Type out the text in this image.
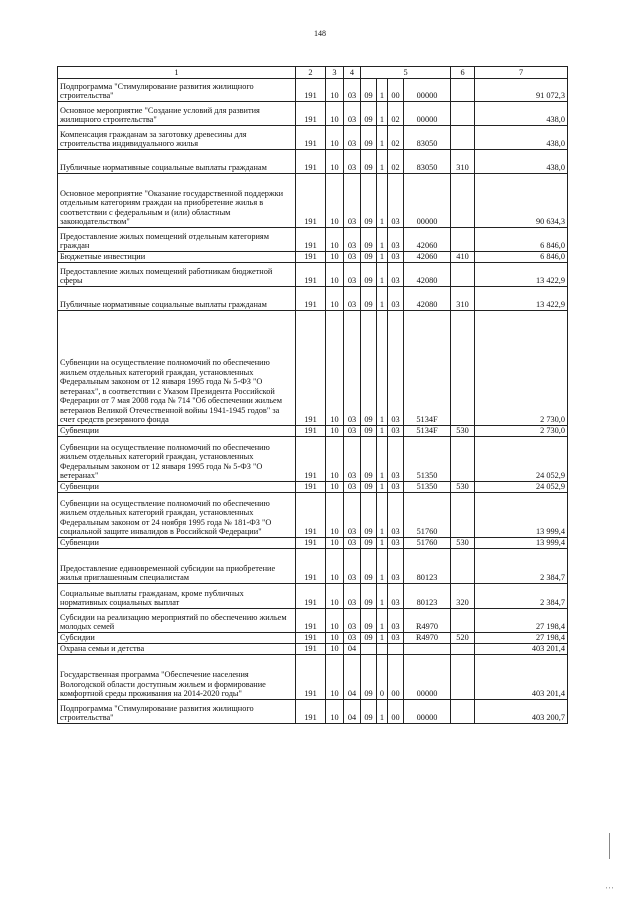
148
1	2	3	4	5				6	7
Подпрограмма "Стимулирование развития жилищного строительства"	191	10	03	09	1	00	00000		91 072,3
Основное мероприятие "Создание условий для развития жилищного строительства"	191	10	03	09	1	02	00000		438,0
Компенсация гражданам за заготовку древесины для строительства индивидуального жилья	191	10	03	09	1	02	83050		438,0
Публичные нормативные социальные выплаты гражданам	191	10	03	09	1	02	83050	310	438,0
Основное мероприятие "Оказание государственной поддержки отдельным категориям граждан на приобретение жилья в соответствии с федеральным и (или) областным законодательством"	191	10	03	09	1	03	00000		90 634,3
Предоставление жилых помещений отдельным категориям граждан	191	10	03	09	1	03	42060		6 846,0
Бюджетные инвестиции	191	10	03	09	1	03	42060	410	6 846,0
Предоставление жилых помещений работникам бюджетной сферы	191	10	03	09	1	03	42080		13 422,9
Публичные нормативные социальные выплаты гражданам	191	10	03	09	1	03	42080	310	13 422,9
Субвенции на осуществление полномочий по обеспечению жильем отдельных категорий граждан, установленных Федеральным законом от 12 января 1995 года № 5-ФЗ "О ветеранах", в соответствии с Указом Президента Российской Федерации от 7 мая 2008 года № 714 "Об обеспечении жильем ветеранов Великой Отечественной войны 1941-1945 годов" за счет средств резервного фонда	191	10	03	09	1	03	5134F		2 730,0
Субвенции	191	10	03	09	1	03	5134F	530	2 730,0
Субвенции на осуществление полномочий по обеспечению жильем отдельных категорий граждан, установленных Федеральным законом от 12 января 1995 года № 5-ФЗ "О ветеранах"	191	10	03	09	1	03	51350		24 052,9
Субвенции	191	10	03	09	1	03	51350	530	24 052,9
Субвенции на осуществление полномочий по обеспечению жильем отдельных категорий граждан, установленных Федеральным законом от 24 ноября 1995 года № 181-ФЗ "О социальной защите инвалидов в Российской Федерации"	191	10	03	09	1	03	51760		13 999,4
Субвенции	191	10	03	09	1	03	51760	530	13 999,4
Предоставление единовременной субсидии на приобретение жилья приглашенным специалистам	191	10	03	09	1	03	80123		2 384,7
Социальные выплаты гражданам, кроме публичных нормативных социальных выплат	191	10	03	09	1	03	80123	320	2 384,7
Субсидии на реализацию мероприятий по обеспечению жильем молодых семей	191	10	03	09	1	03	R4970		27 198,4
Субсидии	191	10	03	09	1	03	R4970	520	27 198,4
Охрана семьи и детства	191	10	04						403 201,4
Государственная программа "Обеспечение населения Вологодской области доступным жильем и формирование комфортной среды проживания на 2014-2020 годы"	191	10	04	09	0	00	00000		403 201,4
Подпрограмма "Стимулирование развития жилищного строительства"	191	10	04	09	1	00	00000		403 200,7
' ' '
